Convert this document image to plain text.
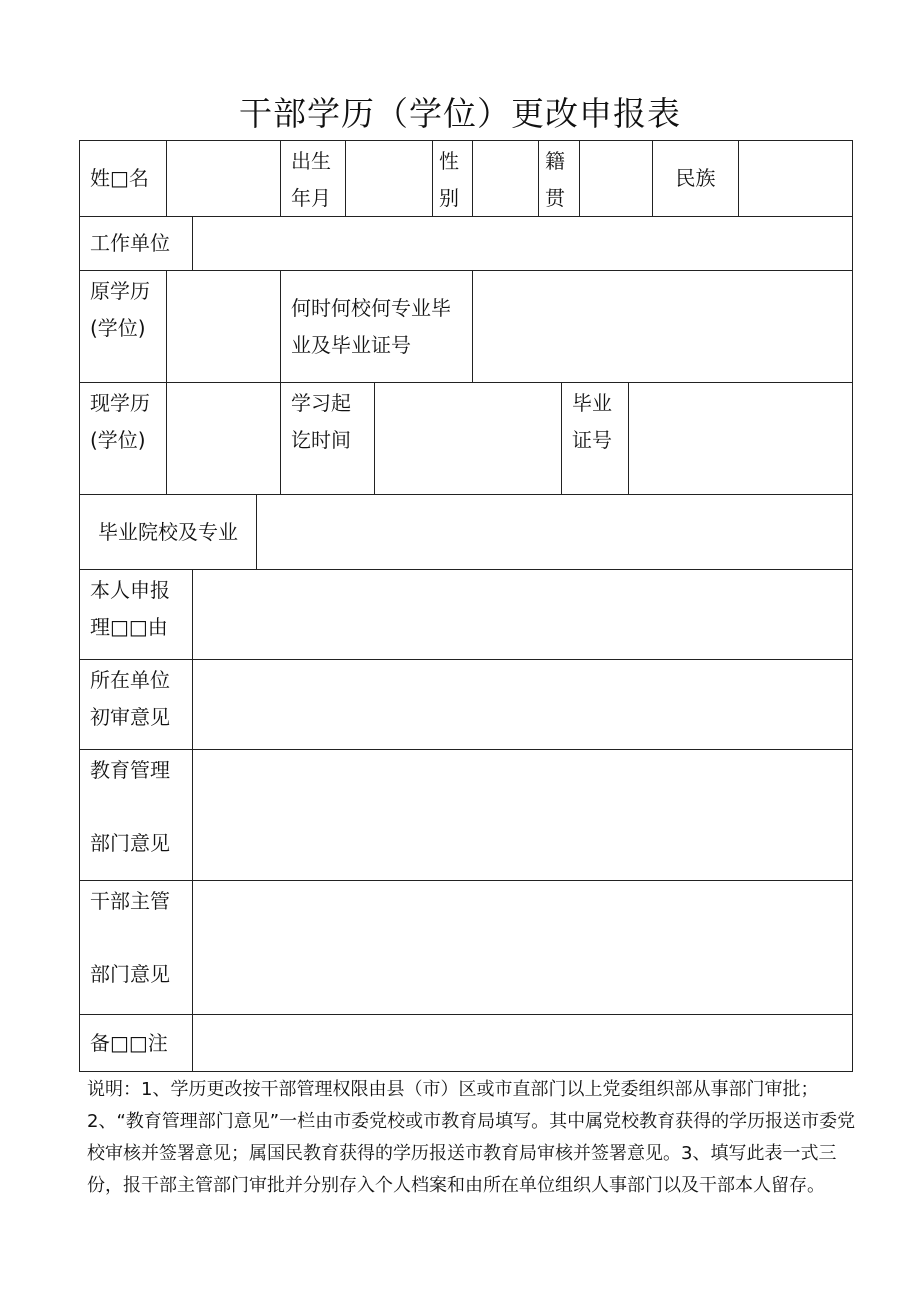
干部学历（学位）更改申报表
姓□名
出生年月
性别
籍贯
民族
工作单位
原学历(学位)
何时何校何专业毕业及毕业证号
现学历(学位)
学习起讫时间
毕业证号
毕业院校及专业
本人申报理□□由
所在单位初审意见
教育管理
部门意见
干部主管
部门意见
备□□注
说明：1、学历更改按干部管理权限由县（市）区或市直部门以上党委组织部从事部门审批；2、“教育管理部门意见”一栏由市委党校或市教育局填写。其中属党校教育获得的学历报送市委党校审核并签署意见；属国民教育获得的学历报送市教育局审核并签署意见。3、填写此表一式三份，报干部主管部门审批并分别存入个人档案和由所在单位组织人事部门以及干部本人留存。
